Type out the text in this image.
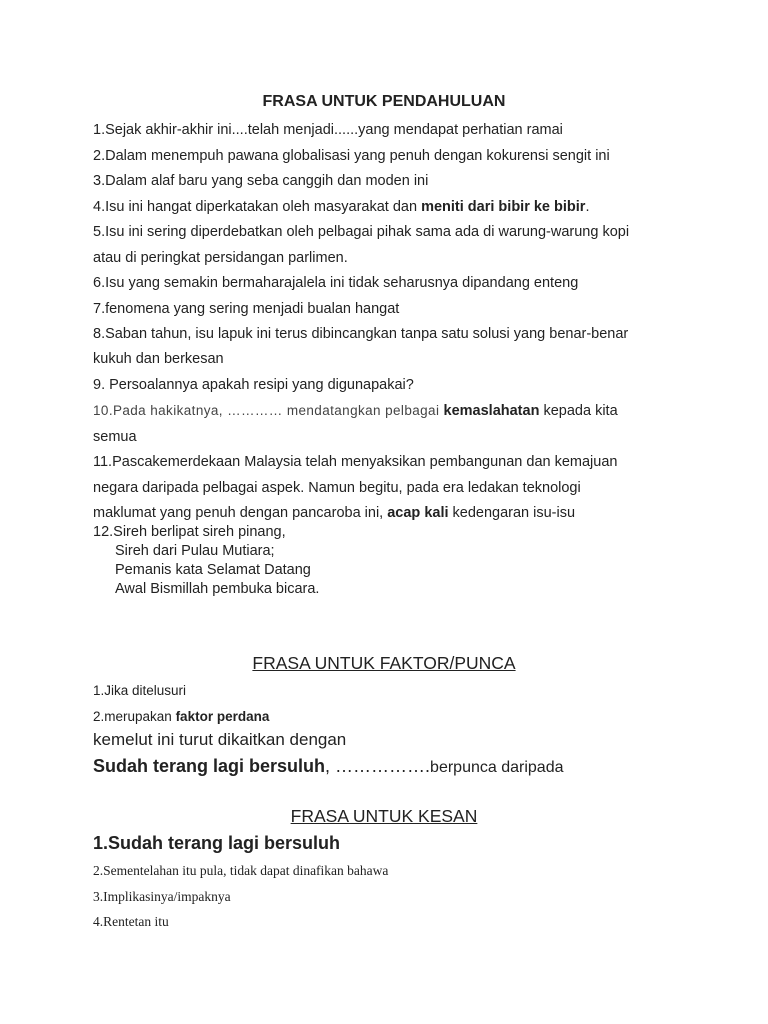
FRASA UNTUK PENDAHULUAN
1.Sejak akhir-akhir ini....telah menjadi......yang mendapat perhatian ramai
2.Dalam menempuh pawana globalisasi yang penuh dengan kokurensi sengit ini
3.Dalam alaf baru yang seba canggih dan moden ini
4.Isu ini hangat diperkatakan oleh masyarakat dan meniti dari bibir ke bibir.
5.Isu ini sering diperdebatkan oleh pelbagai pihak sama ada di warung-warung kopi
atau di peringkat persidangan parlimen.
6.Isu yang semakin bermaharajalela ini tidak seharusnya dipandang enteng
7.fenomena yang sering menjadi bualan hangat
8.Saban tahun, isu lapuk ini terus dibincangkan tanpa satu solusi yang benar-benar
kukuh dan berkesan
9. Persoalannya apakah resipi yang digunapakai?
10.Pada hakikatnya, ………… mendatangkan pelbagai kemaslahatan kepada kita
semua
11.Pascakemerdekaan Malaysia telah menyaksikan pembangunan dan kemajuan
negara daripada pelbagai aspek. Namun begitu, pada era ledakan teknologi
maklumat yang penuh dengan pancaroba ini, acap kali kedengaran isu-isu
12.Sireh berlipat sireh pinang,
Sireh dari Pulau Mutiara;
Pemanis kata Selamat Datang
Awal Bismillah pembuka bicara.
FRASA UNTUK FAKTOR/PUNCA
1.Jika ditelusuri
2.merupakan faktor perdana
kemelut ini turut dikaitkan dengan
Sudah terang lagi bersuluh, …………….berpunca daripada
FRASA UNTUK KESAN
1.Sudah terang lagi bersuluh
2.Sementelahan itu pula, tidak dapat dinafikan bahawa
3.Implikasinya/impaknya
4.Rentetan itu
